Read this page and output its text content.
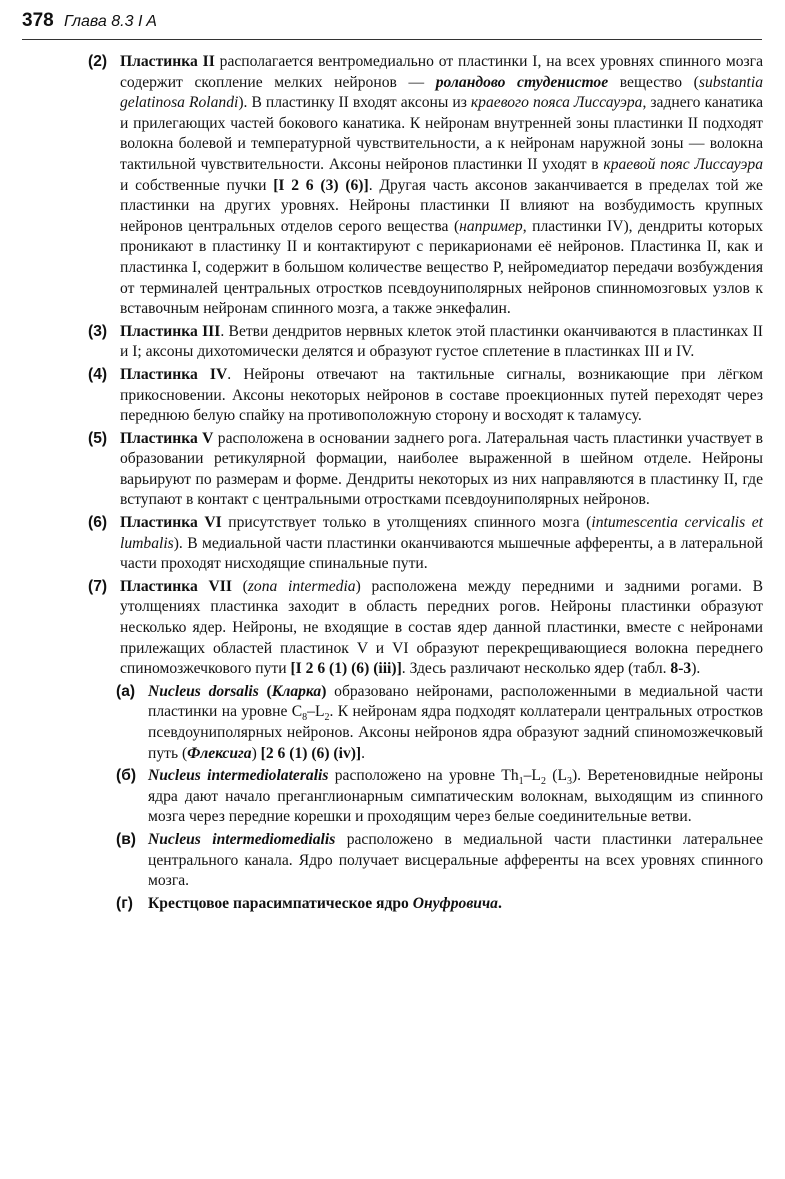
378 Глава 8.3 I A
(2) Пластинка II располагается вентромедиально от пластинки I, на всех уровнях спинного мозга содержит скопление мелких нейронов — роландово студенистое вещество (substantia gelatinosa Rolandi). В пластинку II входят аксоны из краевого пояса Лиссауэра, заднего канатика и прилегающих частей бокового канатика. К нейронам внутренней зоны пластинки II подходят волокна болевой и температурной чувствительности, а к нейронам наружной зоны — волокна тактильной чувствительности. Аксоны нейронов пластинки II уходят в краевой пояс Лиссауэра и собственные пучки [I 2 6 (3) (6)]. Другая часть аксонов заканчивается в пределах той же пластинки на других уровнях. Нейроны пластинки II влияют на возбудимость крупных нейронов центральных отделов серого вещества (например, пластинки IV), дендриты которых проникают в пластинку II и контактируют с перикарионами её нейронов. Пластинка II, как и пластинка I, содержит в большом количестве вещество P, нейромедиатор передачи возбуждения от терминалей центральных отростков псевдоуниполярных нейронов спинномозговых узлов к вставочным нейронам спинного мозга, а также энкефалин.
(3) Пластинка III. Ветви дендритов нервных клеток этой пластинки оканчиваются в пластинках II и I; аксоны дихотомически делятся и образуют густое сплетение в пластинках III и IV.
(4) Пластинка IV. Нейроны отвечают на тактильные сигналы, возникающие при лёгком прикосновении. Аксоны некоторых нейронов в составе проекционных путей переходят через переднюю белую спайку на противоположную сторону и восходят к таламусу.
(5) Пластинка V расположена в основании заднего рога. Латеральная часть пластинки участвует в образовании ретикулярной формации, наиболее выраженной в шейном отделе. Нейроны варьируют по размерам и форме. Дендриты некоторых из них направляются в пластинку II, где вступают в контакт с центральными отростками псевдоуниполярных нейронов.
(6) Пластинка VI присутствует только в утолщениях спинного мозга (intumescentia cervicalis et lumbalis). В медиальной части пластинки оканчиваются мышечные афференты, а в латеральной части проходят нисходящие спинальные пути.
(7) Пластинка VII (zona intermedia) расположена между передними и задними рогами. В утолщениях пластинка заходит в область передних рогов. Нейроны пластинки образуют несколько ядер. Нейроны, не входящие в состав ядер данной пластинки, вместе с нейронами прилежащих областей пластинок V и VI образуют перекрещивающиеся волокна переднего спиномозжечкового пути [I 2 6 (1) (6) (iii)]. Здесь различают несколько ядер (табл. 8-3).
(а) Nucleus dorsalis (Кларка) образовано нейронами, расположенными в медиальной части пластинки на уровне $C_8-L_2$. К нейронам ядра подходят коллатерали центральных отростков псевдоуниполярных нейронов. Аксоны нейронов ядра образуют задний спиномозжечковый путь (Флексига) [2 6 (1) (6) (iv)].
(б) Nucleus intermediolateralis расположено на уровне $Th_1-L_2$ $(L_3)$. Веретеновидные нейроны ядра дают начало преганглионарным симпатическим волокнам, выходящим из спинного мозга через передние корешки и проходящим через белые соединительные ветви.
(в) Nucleus intermediomedialis расположено в медиальной части пластинки латеральнее центрального канала. Ядро получает висцеральные афференты на всех уровнях спинного мозга.
(г) Крестцовое парасимпатическое ядро Онуфровича.
